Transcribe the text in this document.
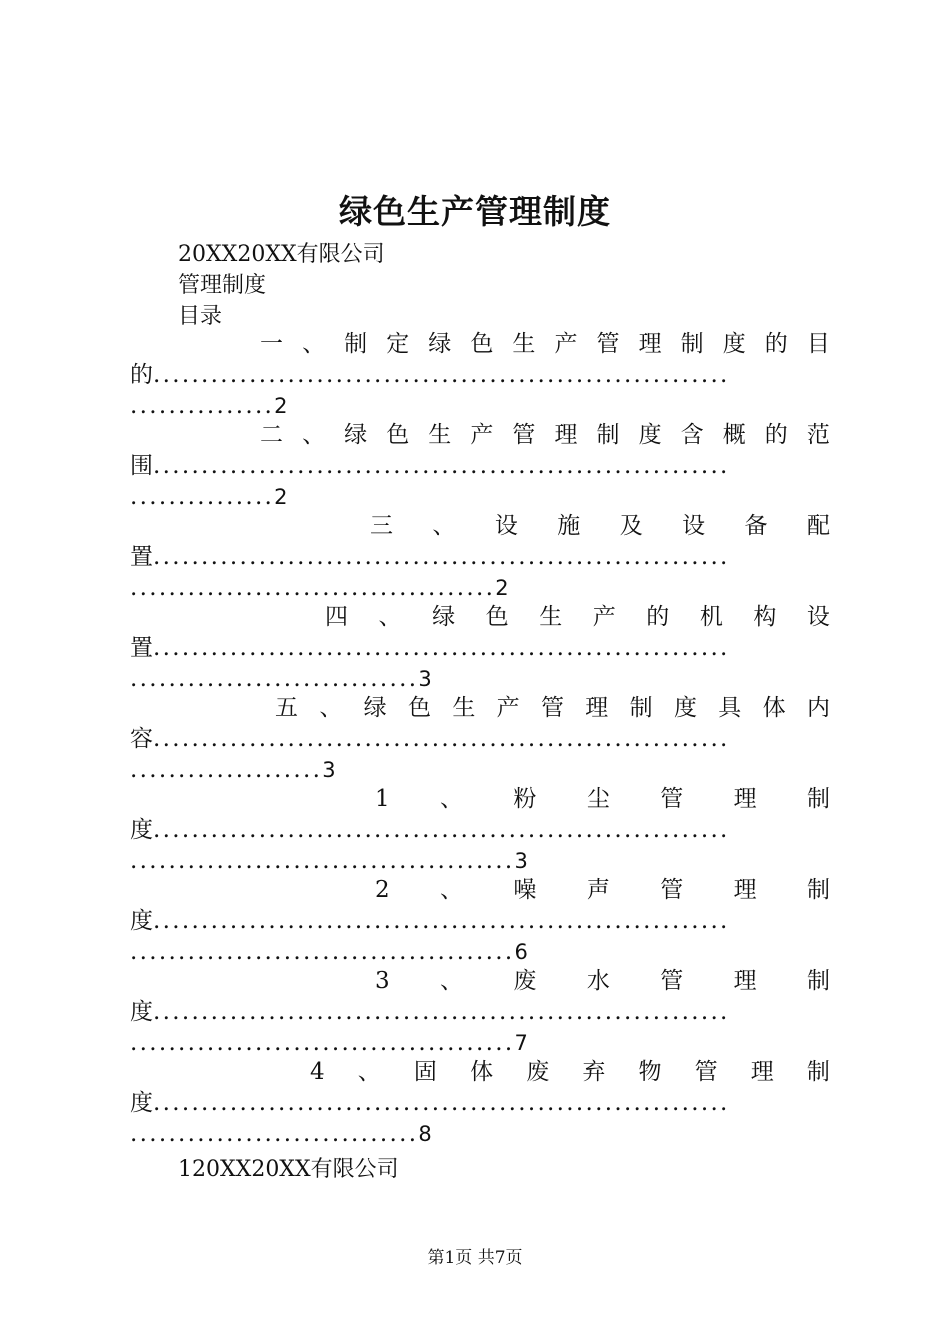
绿色生产管理制度
20XX20XX有限公司
管理制度
目录
一 、 制 定 绿 色 生 产 管 理 制 度 的 目
的 ............................................................
...............2
二 、 绿 色 生 产 管 理 制 度 含 概 的 范
围 ............................................................
...............2
三 、 设 施 及 设 备 配
置 ............................................................
......................................2
四 、 绿 色 生 产 的 机 构 设
置 ............................................................
..............................3
五 、 绿 色 生 产 管 理 制 度 具 体 内
容 ............................................................
....................3
1 、 粉 尘 管 理 制
度 ............................................................
........................................3
2 、 噪 声 管 理 制
度 ............................................................
........................................6
3 、 废 水 管 理 制
度 ............................................................
........................................7
4 、 固 体 废 弃 物 管 理 制
度 ............................................................
..............................8
120XX20XX有限公司
第1页 共7页
